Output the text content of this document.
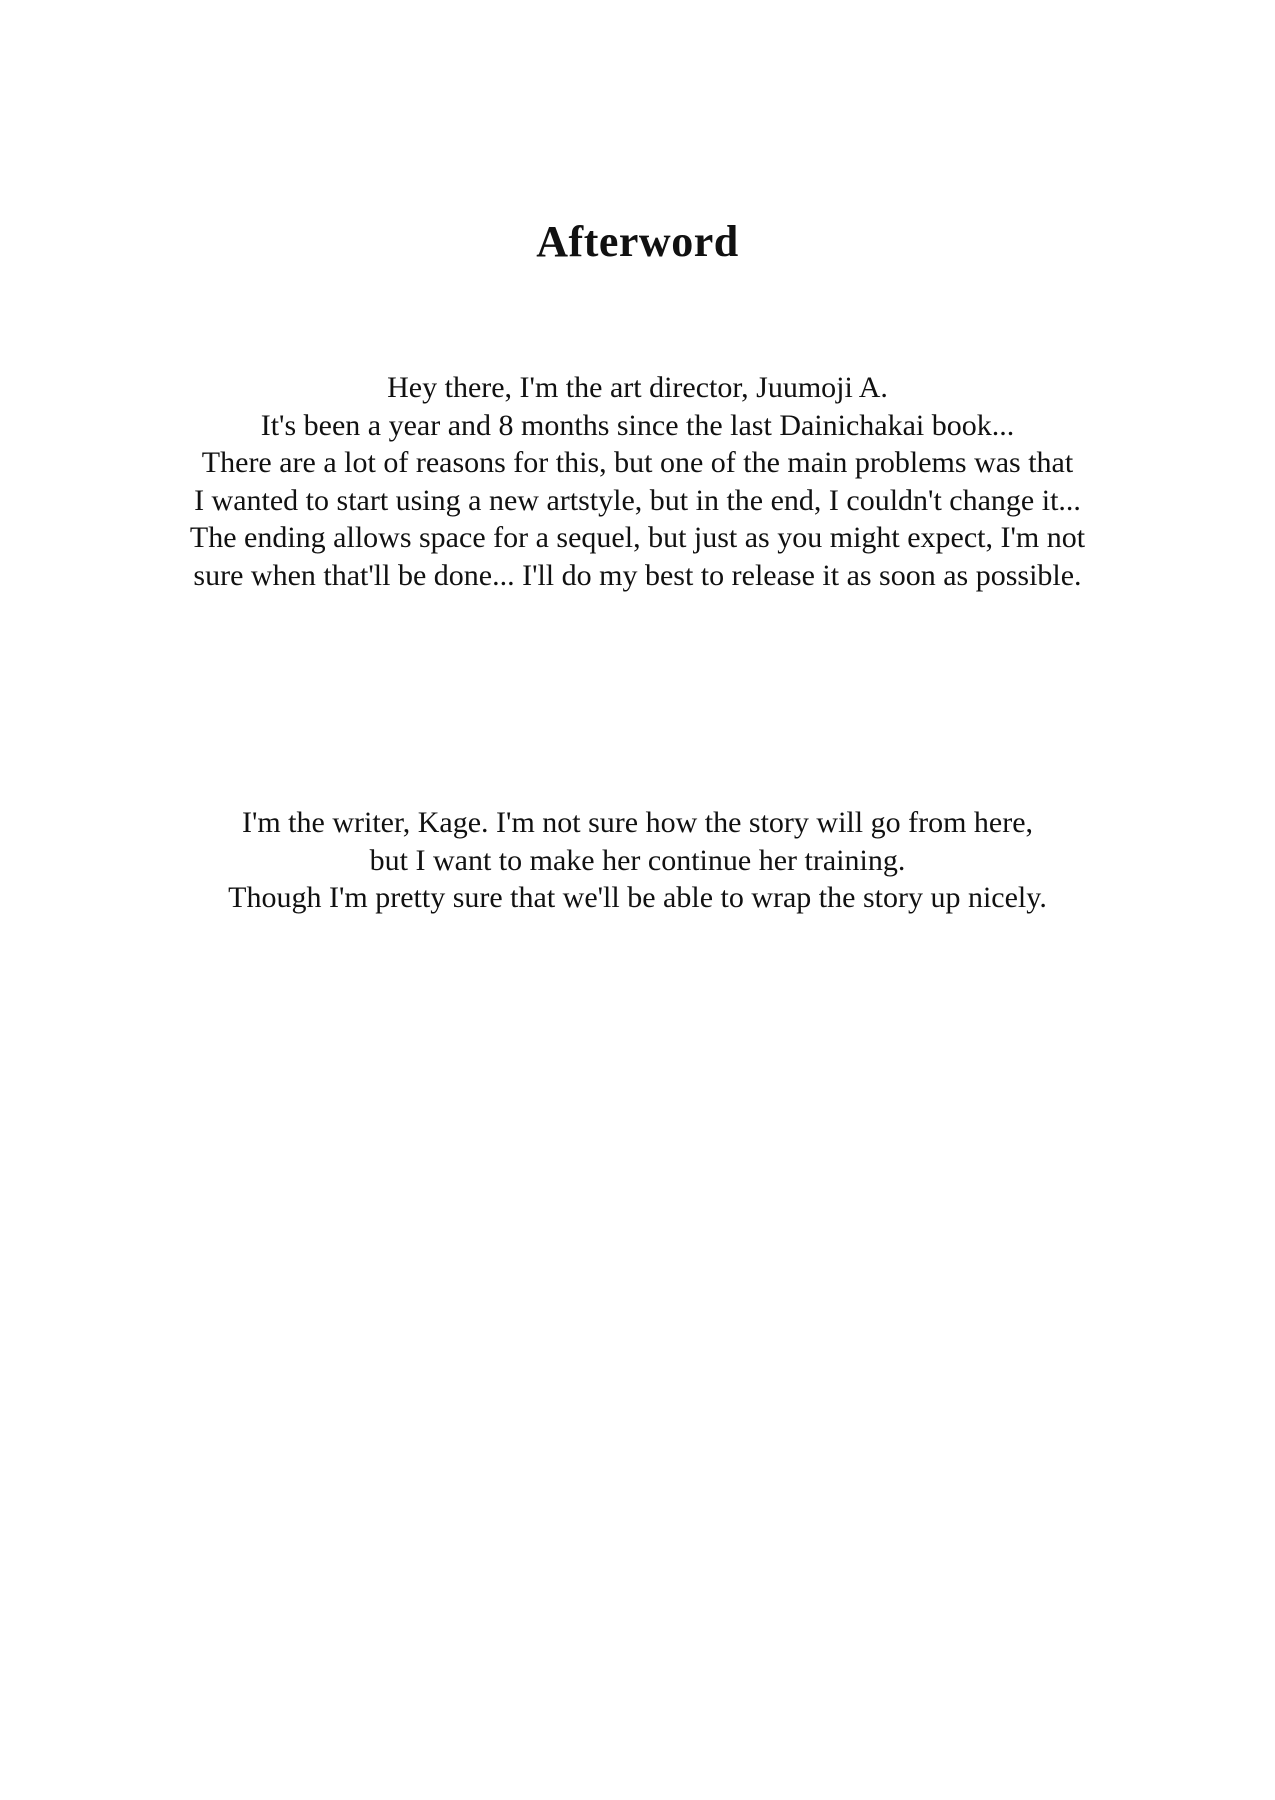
Afterword

Hey there, I'm the art director, Juumoji A.

It's been a year and 8 months since the last Dainichakai book...

There are a lot of reasons for this, but one of the main problems was that

I wanted to start using a new artstyle, but in the end, I couldn't change it...

The ending allows space for a sequel, but just as you might expect, I'm not

sure when that'll be done... I'll do my best to release it as soon as possible.

I'm the writer, Kage. I'm not sure how the story will go from here,

but I want to make her continue her training.

Though I'm pretty sure that we'll be able to wrap the story up nicely.
